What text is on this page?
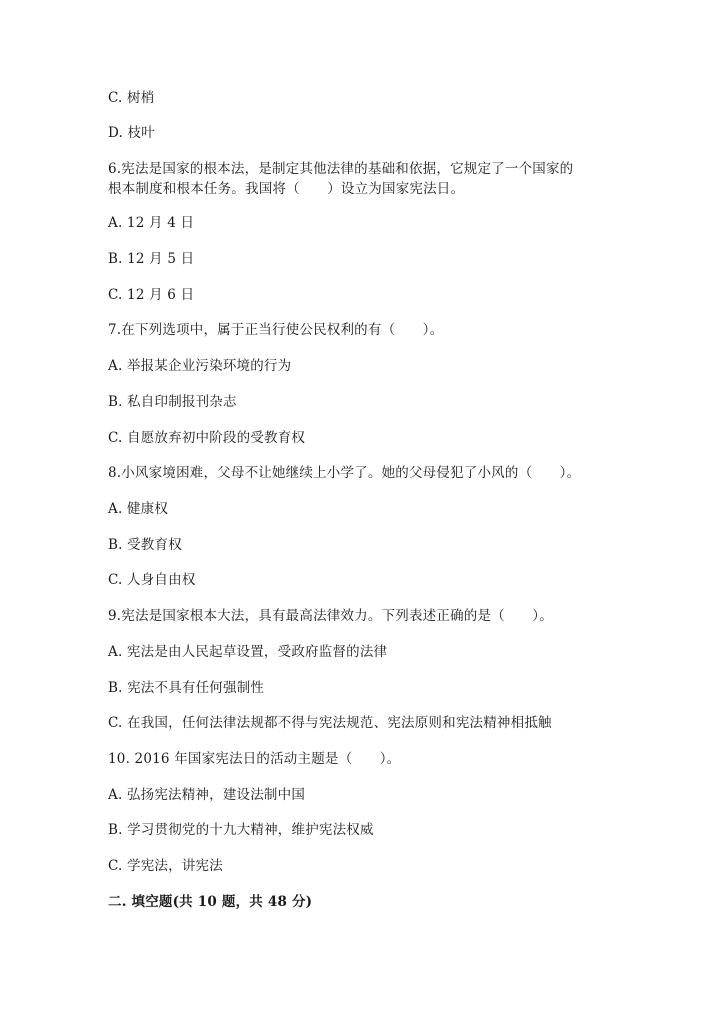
C. 树梢
D. 枝叶
6.宪法是国家的根本法，是制定其他法律的基础和依据，它规定了一个国家的
根本制度和根本任务。我国将（　　）设立为国家宪法日。
A. 12 月 4 日
B. 12 月 5 日
C. 12 月 6 日
7.在下列选项中，属于正当行使公民权利的有（　　）。
A. 举报某企业污染环境的行为
B. 私自印制报刊杂志
C. 自愿放弃初中阶段的受教育权
8.小风家境困难，父母不让她继续上小学了。她的父母侵犯了小风的（　　）。
A. 健康权
B. 受教育权
C. 人身自由权
9.宪法是国家根本大法，具有最高法律效力。下列表述正确的是（　　）。
A. 宪法是由人民起草设置，受政府监督的法律
B. 宪法不具有任何强制性
C. 在我国，任何法律法规都不得与宪法规范、宪法原则和宪法精神相抵触
10. 2016 年国家宪法日的活动主题是（　　）。
A. 弘扬宪法精神，建设法制中国
B. 学习贯彻党的十九大精神，维护宪法权威
C. 学宪法，讲宪法
二. 填空题(共 10 题，共 48 分)
